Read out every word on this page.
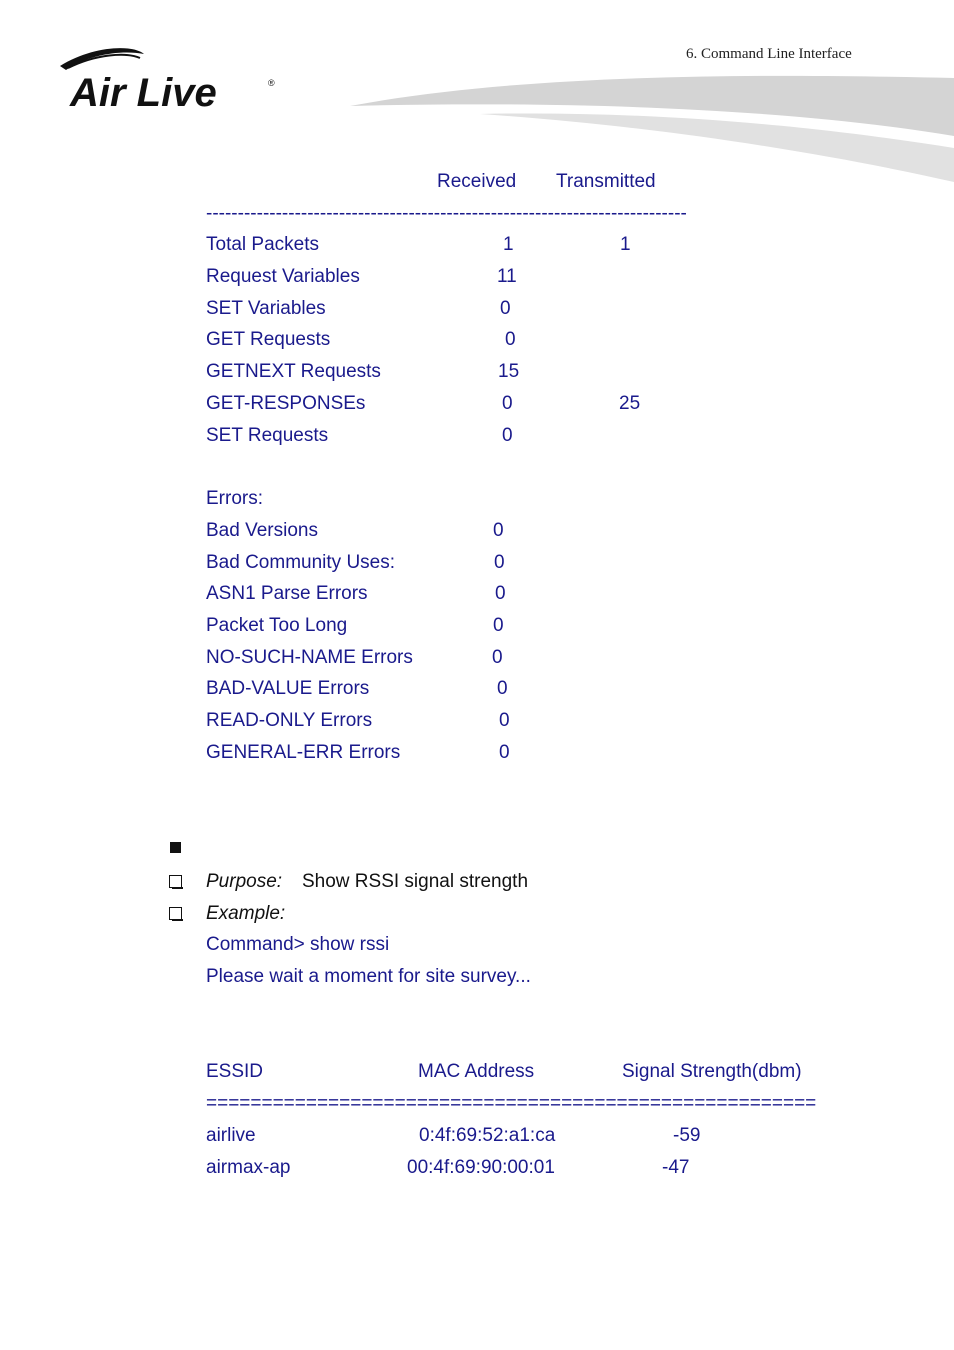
6. Command Line Interface
Air Live	®
Received Transmitted
----------------------------------------------------------------------------
Total Packets	1	1
Request Variables	11
SET Variables	0
GET Requests	0
GETNEXT Requests	15
GET-RESPONSEs	0	25
SET Requests	0
Errors:
Bad Versions	0
Bad Community Uses:	0
ASN1 Parse Errors	0
Packet Too Long	0
NO-SUCH-NAME Errors	0
BAD-VALUE Errors	0
READ-ONLY Errors	0
GENERAL-ERR Errors	0
Purpose: Show RSSI signal strength
Example:
Command> show rssi
Please wait a moment for site survey...
ESSID	MAC Address	Signal Strength(dbm)
=======================================================
airlive	0:4f:69:52:a1:ca	-59
airmax-ap	00:4f:69:90:00:01	-47
